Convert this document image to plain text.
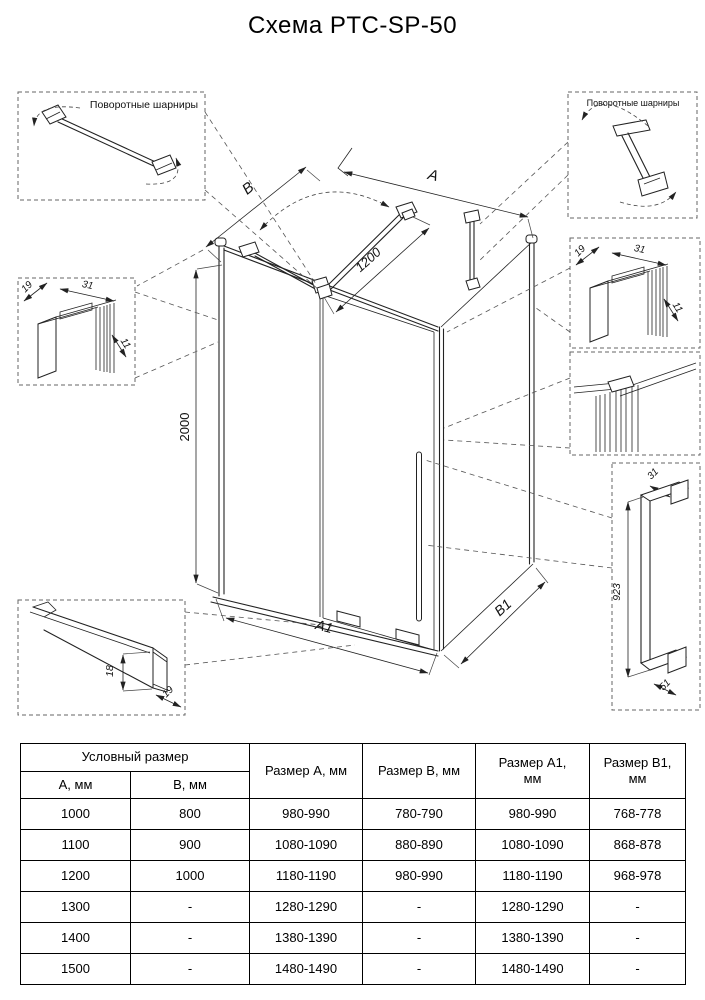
Схема PTC-SP-50
2000
1200
A
B
A1
B1
Поворотные шарниры	Поворотные шарниры
19	31
11
19	31
11
31
923
51
18
19
Условный размер		Размер А, мм	Размер В, мм	Размер А1, мм	Размер В1, мм
А, мм	В, мм				
1000	800	980-990	780-790	980-990	768-778
1100	900	1080-1090	880-890	1080-1090	868-878
1200	1000	1180-1190	980-990	1180-1190	968-978
1300	-	1280-1290	-	1280-1290	-
1400	-	1380-1390	-	1380-1390	-
1500	-	1480-1490	-	1480-1490	-
